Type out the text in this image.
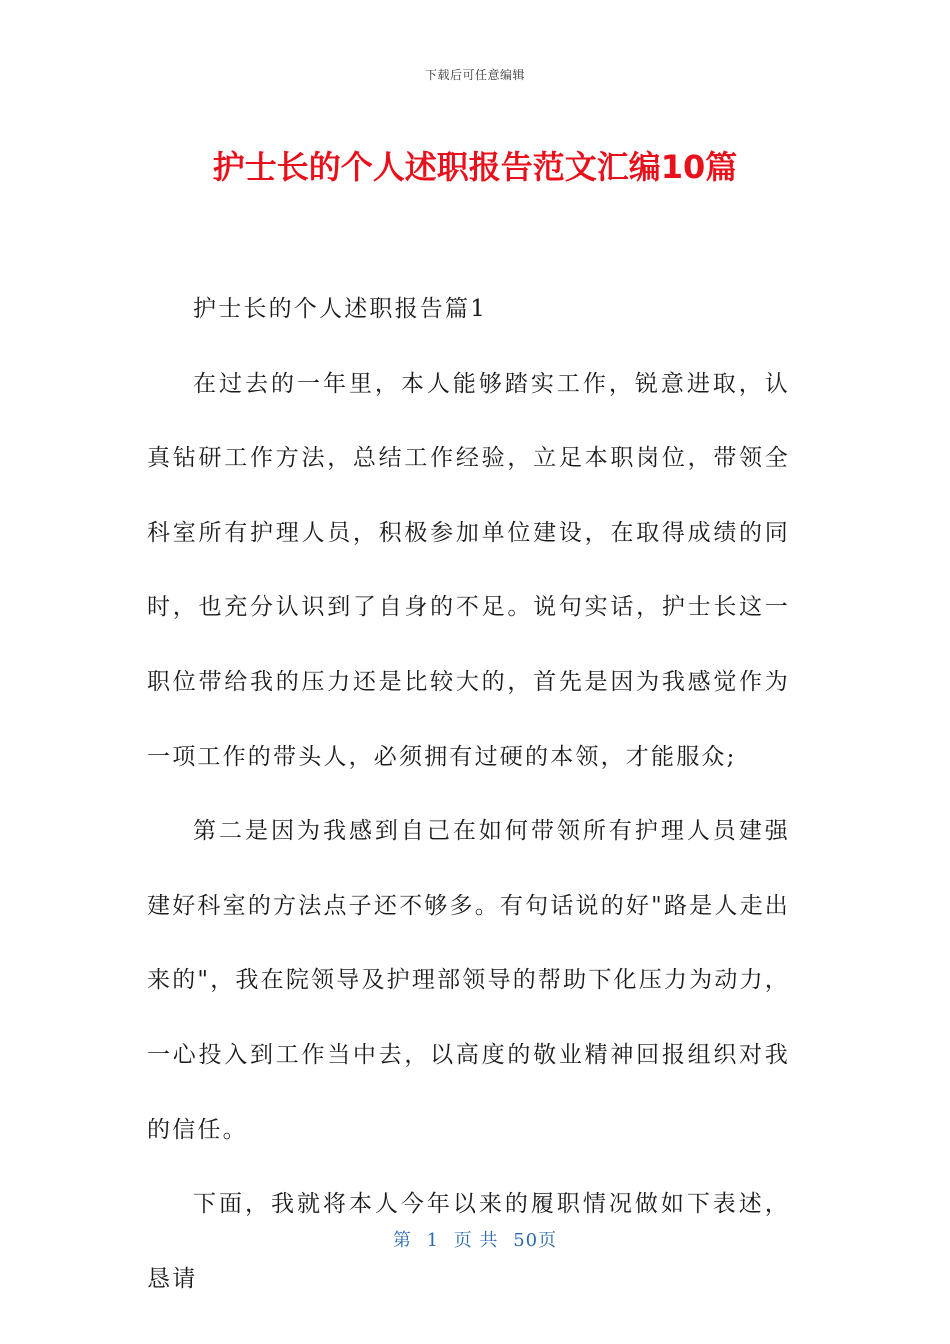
下载后可任意编辑
护士长的个人述职报告范文汇编10篇

护士长的个人述职报告篇1

在过去的一年里，本人能够踏实工作，锐意进取，认真钻研工作方法，总结工作经验，立足本职岗位，带领全科室所有护理人员，积极参加单位建设，在取得成绩的同时，也充分认识到了自身的不足。说句实话，护士长这一职位带给我的压力还是比较大的，首先是因为我感觉作为一项工作的带头人，必须拥有过硬的本领，才能服众;

第二是因为我感到自己在如何带领所有护理人员建强建好科室的方法点子还不够多。有句话说的好"路是人走出来的"，我在院领导及护理部领导的帮助下化压力为动力，一心投入到工作当中去，以高度的敬业精神回报组织对我的信任。

下面，我就将本人今年以来的履职情况做如下表述，恳请

第 1 页 共 50页
